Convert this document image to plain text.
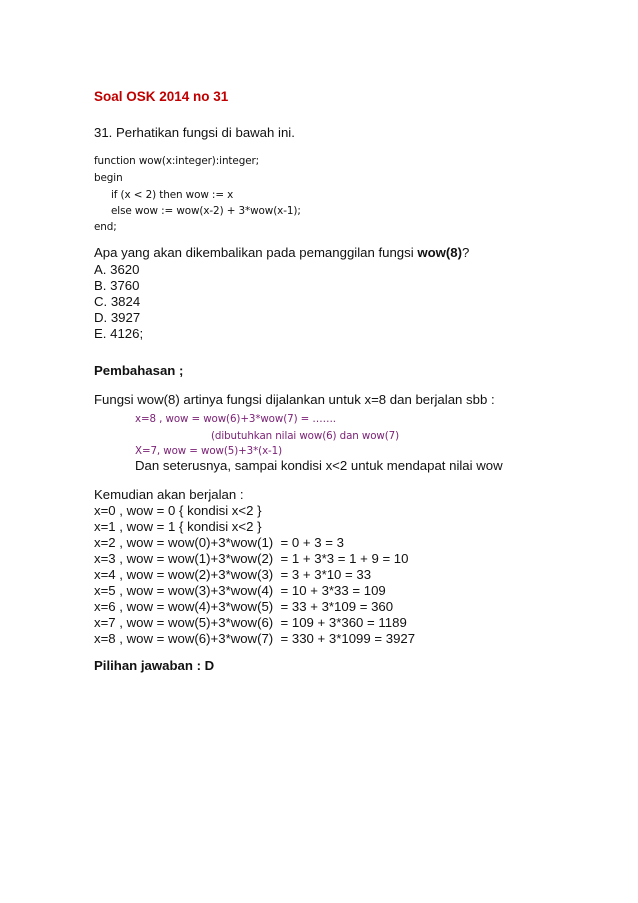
Soal OSK 2014 no 31
31. Perhatikan fungsi di bawah ini.
function wow(x:integer):integer;
begin
if (x < 2) then wow := x
else wow := wow(x-2) + 3*wow(x-1);
end;
Apa yang akan dikembalikan pada pemanggilan fungsi wow(8)?
A. 3620
B. 3760
C. 3824
D. 3927
E. 4126;
Pembahasan ;
Fungsi wow(8) artinya fungsi dijalankan untuk x=8 dan berjalan sbb :
x=8 , wow = wow(6)+3*wow(7) = …….
(dibutuhkan nilai wow(6) dan wow(7)
X=7, wow = wow(5)+3*(x-1)
Dan seterusnya, sampai kondisi x<2 untuk mendapat nilai wow
Kemudian akan berjalan :
x=0 , wow = 0 { kondisi x<2 }
x=1 , wow = 1 { kondisi x<2 }
x=2 , wow = wow(0)+3*wow(1)  = 0 + 3 = 3
x=3 , wow = wow(1)+3*wow(2)  = 1 + 3*3 = 1 + 9 = 10
x=4 , wow = wow(2)+3*wow(3)  = 3 + 3*10 = 33
x=5 , wow = wow(3)+3*wow(4)  = 10 + 3*33 = 109
x=6 , wow = wow(4)+3*wow(5)  = 33 + 3*109 = 360
x=7 , wow = wow(5)+3*wow(6)  = 109 + 3*360 = 1189
x=8 , wow = wow(6)+3*wow(7)  = 330 + 3*1099 = 3927
Pilihan jawaban : D
